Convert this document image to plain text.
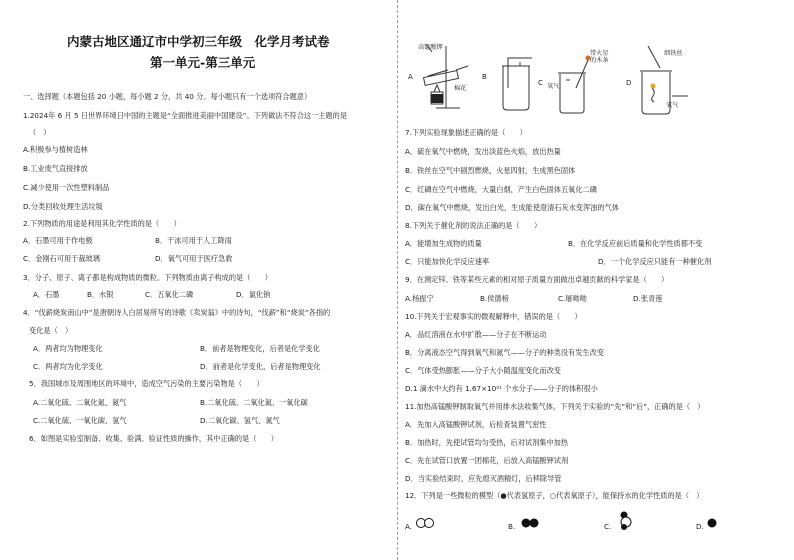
内蒙古地区通辽市中学初三年级　化学月考试卷
第一单元-第三单元
一、选择题（本题包括 20 小题，每小题 2 分，共 40 分。每小题只有一个选项符合题意）
1.2024年 6 月 5 日世界环境日中国的主题是“全面推进美丽中国建设”。下列做法不符合这一主题的是
（　）
A.积极参与植树造林
B.工业废气直接排放
C.减少使用一次性塑料制品
D.分类回收处理生活垃圾
2.下列物质的用途是利用其化学性质的是（　　）
A．石墨可用于作电极	B．干冰可用于人工降雨
C．金刚石可用于裁玻璃	D．氧气可用于医疗急救
3．分子、原子、离子都是构成物质的微粒。下列物质由离子构成的是（　　）
A．石墨	B．水银	C．五氧化二磷	D．氯化钠
4．“伐薪烧炭南山中”是唐朝诗人白居易所写的诗歌《卖炭翁》中的诗句，“伐薪”和“烧炭”各指的
变化是（　）
A．两者均为物理变化	B．前者是物理变化，后者是化学变化
C．两者均为化学变化	D．前者是化学变化，后者是物理变化
5．我国城市及周围地区的环境中，造成空气污染的主要污染物是（　　）
A.二氧化硫、二氧化氮、氮气	B.二氧化硫、二氧化氮、一氧化碳
C.二氧化硫、一氧化碳、氢气	D.二氧化碳、氢气、氮气
6．如图是实验室制备、收集、验满、验证性质的操作，其中正确的是（　　）
A
高锰酸钾
棉花
B
C 氧气
带火星的木条
D
细铁丝
氧气
7.下列实验现象描述正确的是（　　）
A．硫在氧气中燃烧，发出淡蓝色火焰，放出热量
B．铁丝在空气中剧烈燃烧，火星四射，生成黑色固体
C．红磷在空气中燃烧，大量白烟，产生白色固体五氧化二磷
D．碳在氧气中燃烧，发出白光，生成能使澄清石灰水变浑浊的气体
8.下列关于催化剂的说法正确的是（　　）
A．能增加生成物的质量	B．在化学反应前后质量和化学性质都不变
C．只能加快化学反应速率	D．一个化学反应只能有一种催化剂
9．在测定锌、铁等某些元素的相对原子质量方面做出卓越贡献的科学家是（　　）
A.杨振宁	B.侯德榜	C.屠呦呦	D.张青莲
10.下列关于宏观事实的微观解释中，错误的是（　　）
A．品红溶液在水中扩散——分子在不断运动
B．分离液态空气得到氧气和氮气——分子的种类没有发生改变
C．气体受热膨胀——分子大小随温度变化而改变
D.1 滴水中大约有 1.67×10²¹ 个水分子——分子的体积很小
11.加热高锰酸钾制取氧气并用排水法收集气体，下列关于实验的“先”和“后”，正确的是（　）
A．先加入高锰酸钾试剂，后检查装置气密性
B．加热时，先使试管均匀受热，后对试剂集中加热
C．先在试管口放置一团棉花，后放入高锰酸钾试剂
D．当实验结束时，应先熄灭酒精灯，后移除导管
12．下列是一些微粒的模型（●代表氢原子，○代表氧原子），能保持水的化学性质的是（　）
A.	B.	C.	D.
